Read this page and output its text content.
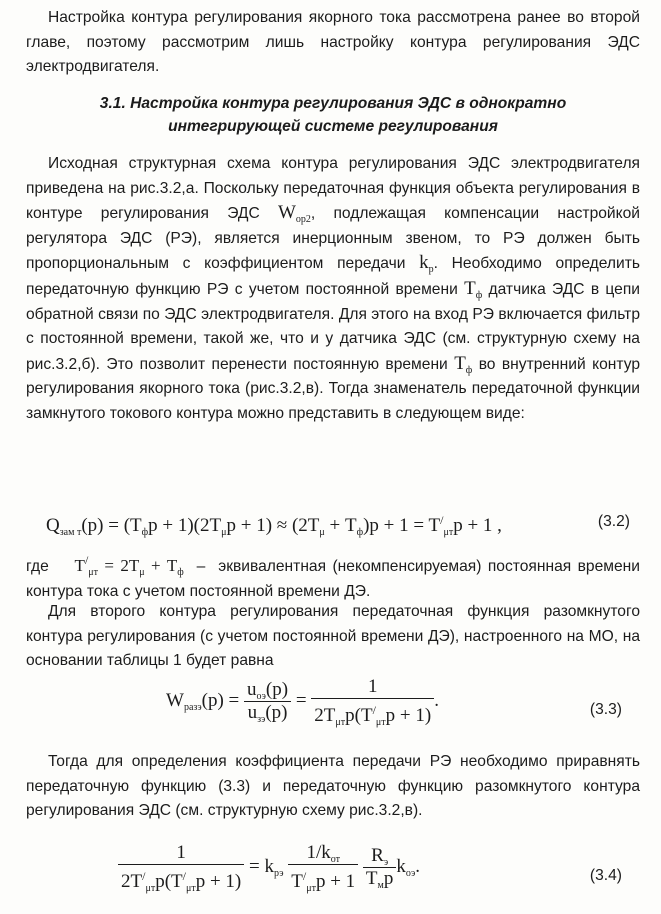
Настройка контура регулирования якорного тока рассмотрена ранее во второй главе, поэтому рассмотрим лишь настройку контура регулирования ЭДС электродвигателя.

3.1. Настройка контура регулирования ЭДС в однократно
интегрирующей системе регулирования

Исходная структурная схема контура регулирования ЭДС электродвигателя приведена на рис.3.2,а. Поскольку передаточная функция объекта регулирования в контуре регулирования ЭДС $W_{ор2}$, подлежащая компенсации настройкой регулятора ЭДС (РЭ), является инерционным звеном, то РЭ должен быть пропорциональным с коэффициентом передачи $k_р$. Необходимо определить передаточную функцию РЭ с учетом постоянной времени $T_ф$ датчика ЭДС в цепи обратной связи по ЭДС электродвигателя. Для этого на вход РЭ включается фильтр с постоянной времени, такой же, что и у датчика ЭДС (см. структурную схему на рис.3.2,б). Это позволит перенести постоянную времени $T_ф$ во внутренний контур регулирования якорного тока (рис.3.2,в). Тогда знаменатель передаточной функции замкнутого токового контура можно представить в следующем виде:

$Q_{зам т}(p) = (T_фp + 1)(2T_\mu p + 1) \approx (2T_\mu + T_ф)p + 1 = T^/_{\mu т}p + 1$ ,	(3.2)

где $T^/_{\mu т} = 2T_\mu + T_ф$  –  эквивалентная (некомпенсируемая) постоянная времени контура тока с учетом постоянной времени ДЭ.

Для второго контура регулирования передаточная функция разомкнутого контура регулирования (с учетом постоянной времени ДЭ), настроенного на МО, на основании таблицы 1 будет равна

$W_{разэ}(p) = \frac{u_{оэ}(p)}{u_{зэ}(p)} = \frac{1}{2T_{\mu т}p(T^/_{\mu т}p + 1)}$ .	(3.3)

Тогда для определения коэффициента передачи РЭ необходимо приравнять передаточную функцию (3.3) и передаточную функцию разомкнутого контура регулирования ЭДС (см. структурную схему рис.3.2,в).

$\frac{1}{2T^/_{\mu т}p(T^/_{\mu т}p + 1)} = k_{рэ} \frac{1/k_{от}}{T^/_{\mu т}p + 1}$
$\frac{R_э}{T_мp} k_{оэ}$.	(3.4)
